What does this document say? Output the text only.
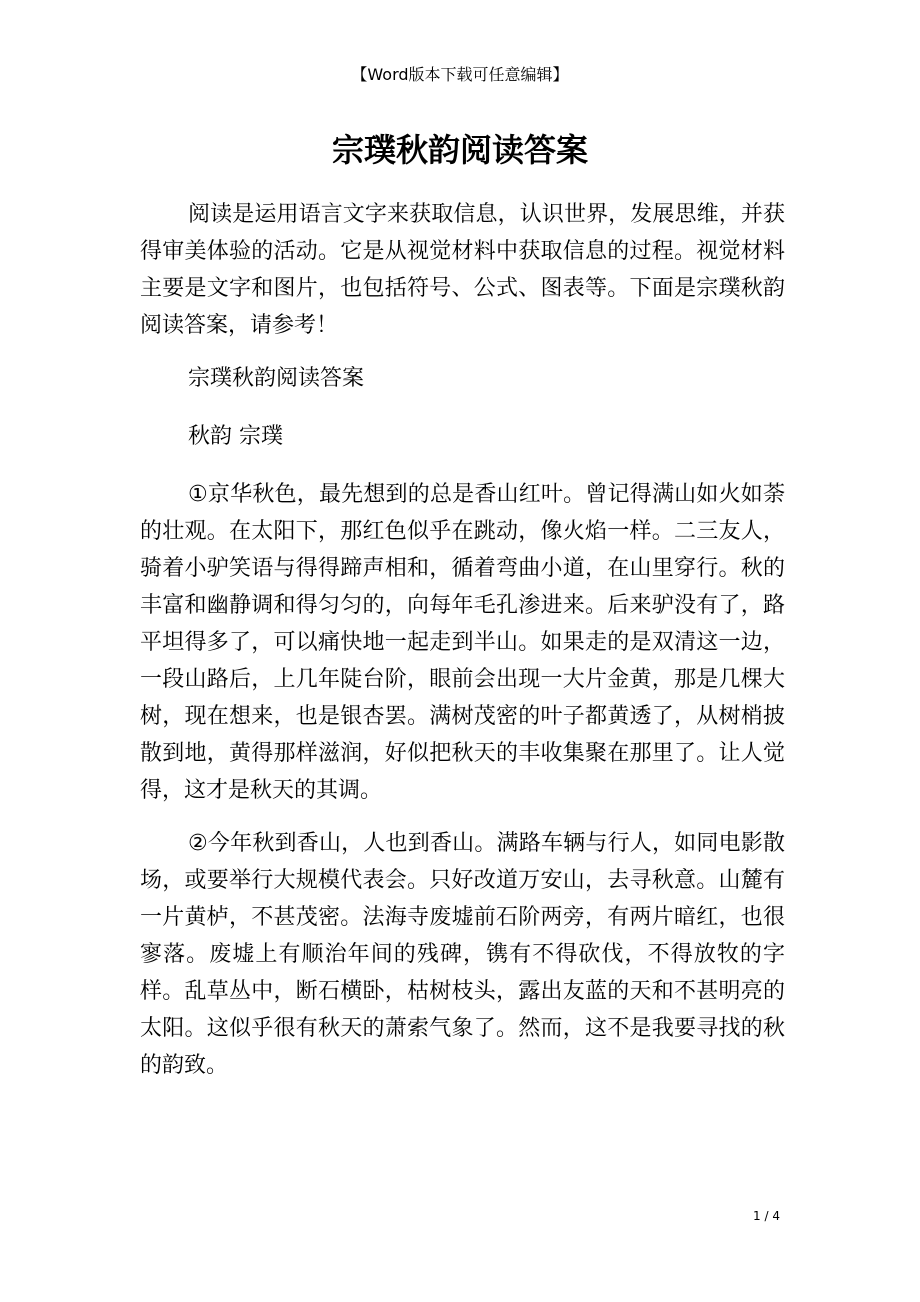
【Word版本下载可任意编辑】
宗璞秋韵阅读答案

阅读是运用语言文字来获取信息，认识世界，发展思维，并获得审美体验的活动。它是从视觉材料中获取信息的过程。视觉材料主要是文字和图片，也包括符号、公式、图表等。下面是宗璞秋韵阅读答案，请参考！

宗璞秋韵阅读答案

秋韵 宗璞

①京华秋色，最先想到的总是香山红叶。曾记得满山如火如荼的壮观。在太阳下，那红色似乎在跳动，像火焰一样。二三友人，骑着小驴笑语与得得蹄声相和，循着弯曲小道，在山里穿行。秋的丰富和幽静调和得匀匀的，向每年毛孔渗进来。后来驴没有了，路平坦得多了，可以痛快地一起走到半山。如果走的是双清这一边，一段山路后，上几年陡台阶，眼前会出现一大片金黄，那是几棵大树，现在想来，也是银杏罢。满树茂密的叶子都黄透了，从树梢披散到地，黄得那样滋润，好似把秋天的丰收集聚在那里了。让人觉得，这才是秋天的其调。

②今年秋到香山，人也到香山。满路车辆与行人，如同电影散场，或要举行大规模代表会。只好改道万安山，去寻秋意。山麓有一片黄栌，不甚茂密。法海寺废墟前石阶两旁，有两片暗红，也很寥落。废墟上有顺治年间的残碑，镌有不得砍伐，不得放牧的字样。乱草丛中，断石横卧，枯树枝头，露出友蓝的天和不甚明亮的太阳。这似乎很有秋天的萧索气象了。然而，这不是我要寻找的秋的韵致。

1 / 4
